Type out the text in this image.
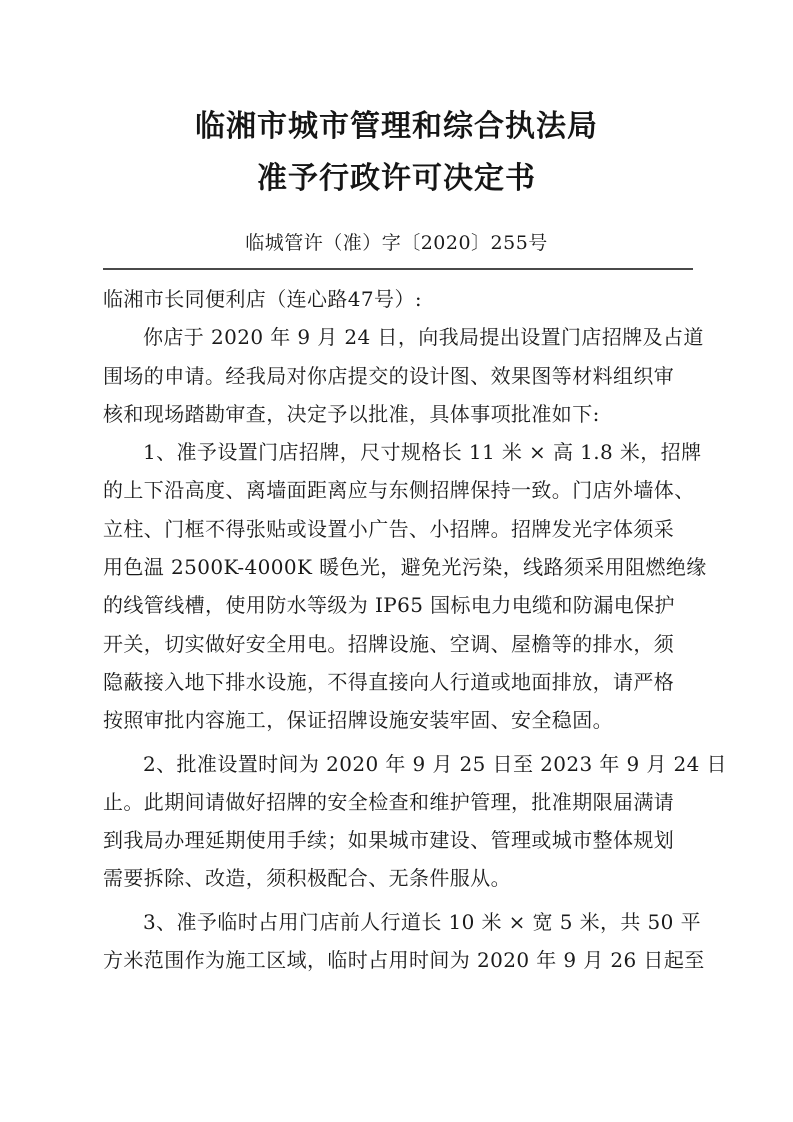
临湘市城市管理和综合执法局
准予行政许可决定书
临城管许（准）字〔2020〕255号
临湘市长同便利店（连心路47号）:
你店于 2020 年 9 月 24 日，向我局提出设置门店招牌及占道
围场的申请。经我局对你店提交的设计图、效果图等材料组织审
核和现场踏勘审查，决定予以批准，具体事项批准如下:
1、准予设置门店招牌，尺寸规格长 11 米 × 高 1.8 米，招牌
的上下沿高度、离墙面距离应与东侧招牌保持一致。门店外墙体、
立柱、门框不得张贴或设置小广告、小招牌。招牌发光字体须采
用色温 2500K-4000K 暖色光，避免光污染，线路须采用阻燃绝缘
的线管线槽，使用防水等级为 IP65 国标电力电缆和防漏电保护
开关，切实做好安全用电。招牌设施、空调、屋檐等的排水，须
隐蔽接入地下排水设施，不得直接向人行道或地面排放，请严格
按照审批内容施工，保证招牌设施安装牢固、安全稳固。
2、批准设置时间为 2020 年 9 月 25 日至 2023 年 9 月 24 日
止。此期间请做好招牌的安全检查和维护管理，批准期限届满请
到我局办理延期使用手续；如果城市建设、管理或城市整体规划
需要拆除、改造，须积极配合、无条件服从。
3、准予临时占用门店前人行道长 10 米 × 宽 5 米，共 50 平
方米范围作为施工区域，临时占用时间为 2020 年 9 月 26 日起至
